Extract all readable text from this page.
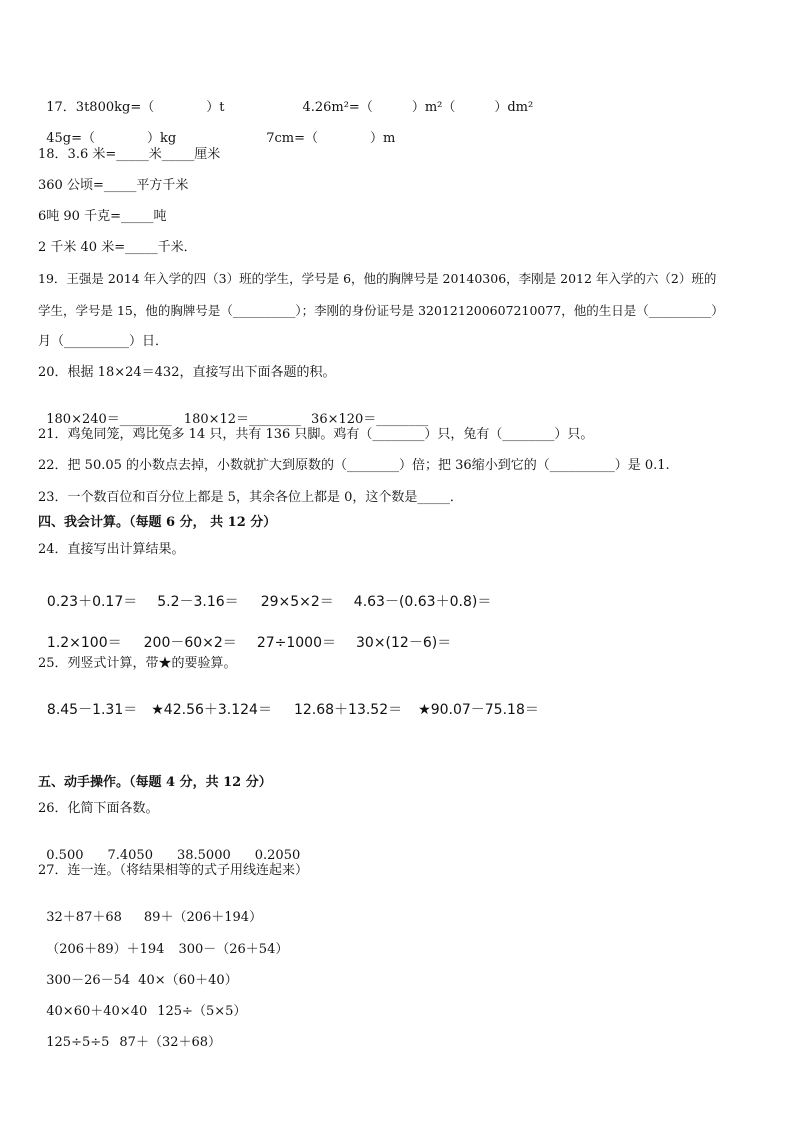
17．3t800kg=（　　　　）t	4.26m²=（　　　）m²（　　　）dm²

45g=（　　　　）kg	7cm=（　　　　）m

18．3.6 米=_____米_____厘米
360 公顷=_____平方千米
6吨 90 千克=_____吨
2 千米 40 米=_____千米．
19．王强是 2014 年入学的四（3）班的学生，学号是 6，他的胸牌号是 20140306，李刚是 2012 年入学的六（2）班的
学生，学号是 15，他的胸牌号是（__________）；李刚的身份证号是 320121200607210077，他的生日是（__________）
月（__________）日．
20．根据 18×24＝432，直接写出下面各题的积。

180×240＝________ 180×12＝________ 36×120＝________

21．鸡兔同笼，鸡比兔多 14 只，共有 136 只脚。鸡有（________）只，兔有（________）只。
22．把 50.05 的小数点去掉，小数就扩大到原数的（________）倍；把 36缩小到它的（__________）是 0.1.
23．一个数百位和百分位上都是 5，其余各位上都是 0，这个数是_____．
四、我会计算。（每题 6 分， 共 12 分）
24．直接写出计算结果。

0.23＋0.17＝ 5.2－3.16＝ 29×5×2＝ 4.63－(0.63＋0.8)＝

1.2×100＝ 200－60×2＝ 27÷1000＝ 30×(12－6)＝

25．列竖式计算，带★的要验算。

8.45－1.31＝ ★42.56＋3.124＝ 12.68＋13.52＝ ★90.07－75.18＝

五、动手操作。（每题 4 分，共 12 分）
26．化简下面各数。

0.500 7.4050 38.5000 0.2050

27．连一连。（将结果相等的式子用线连起来）

32＋87＋68 89＋（206＋194）

（206＋89）＋194 300－（26＋54）

300－26－54 40×（60＋40）

40×60＋40×40 125÷（5×5）

125÷5÷5 87＋（32＋68）
